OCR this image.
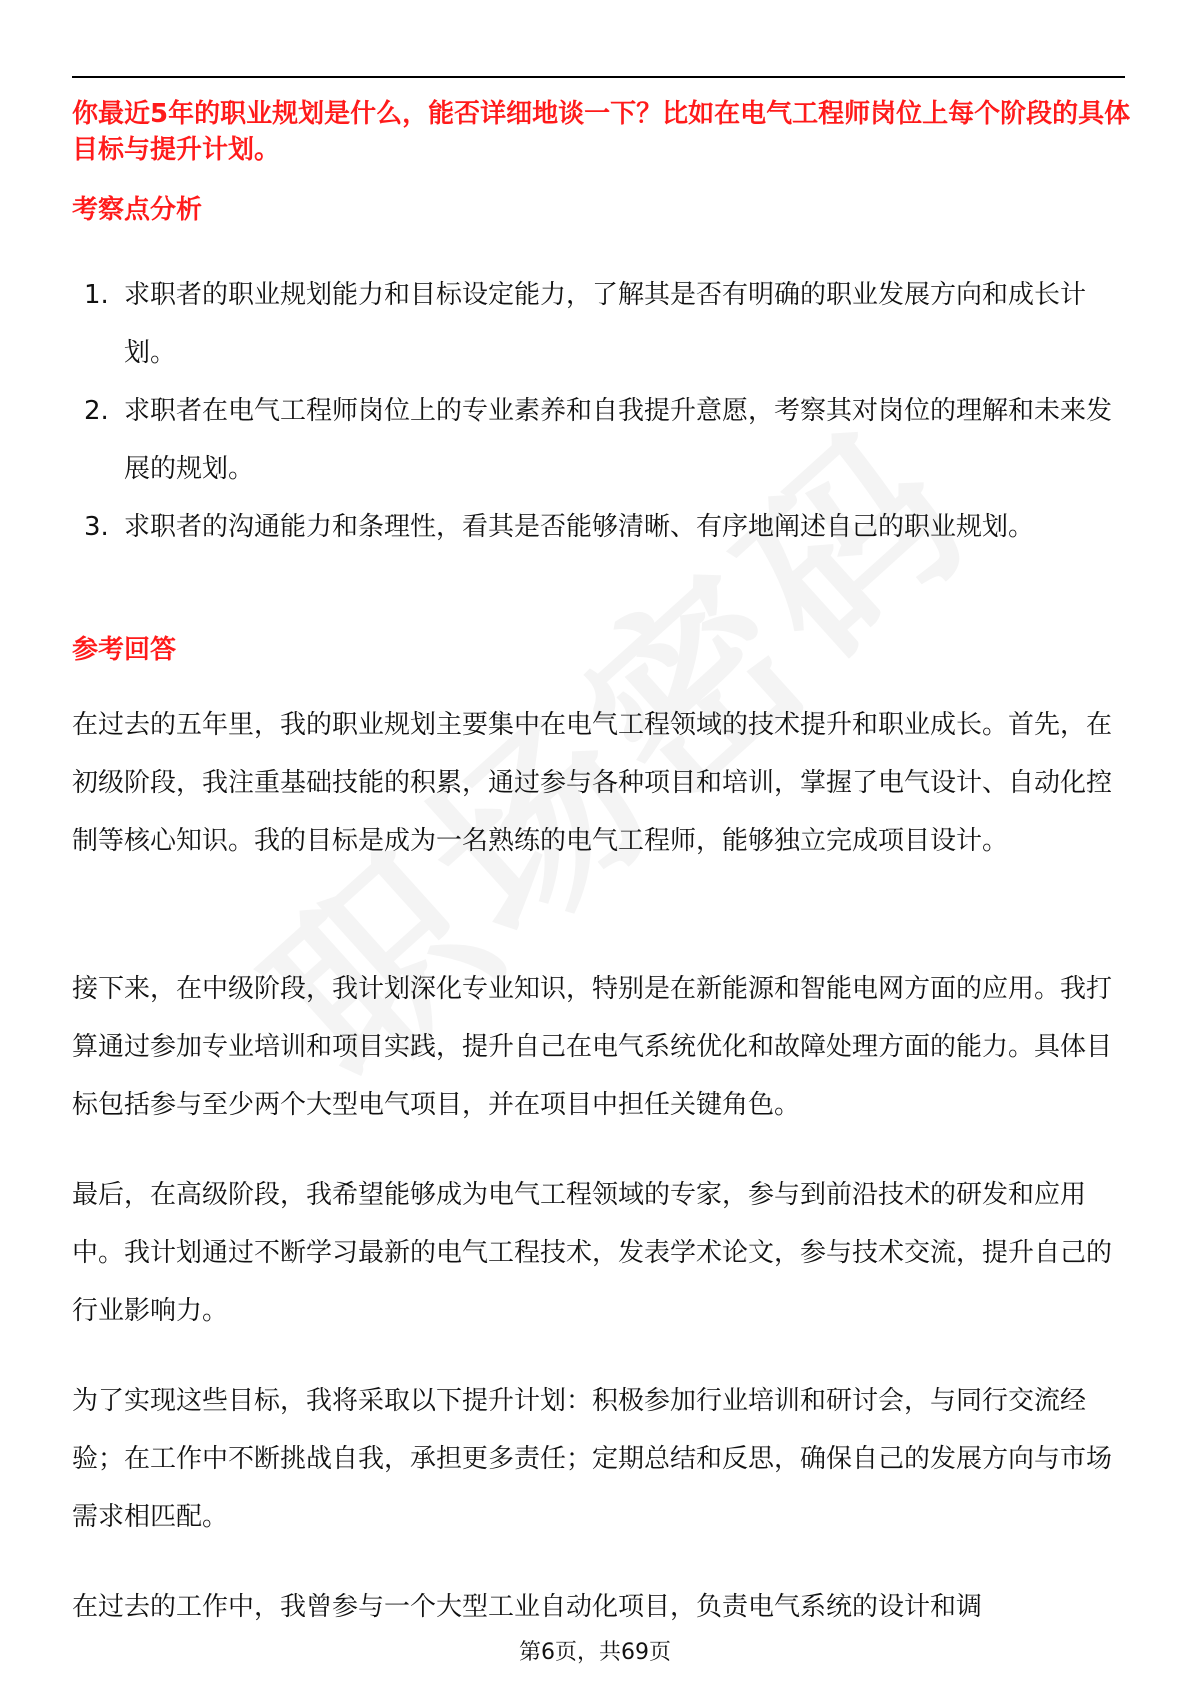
你最近5年的职业规划是什么，能否详细地谈一下？比如在电气工程师岗位上每个阶段的具体目标与提升计划。
考察点分析
1. 求职者的职业规划能力和目标设定能力，了解其是否有明确的职业发展方向和成长计划。
2. 求职者在电气工程师岗位上的专业素养和自我提升意愿，考察其对岗位的理解和未来发展的规划。
3. 求职者的沟通能力和条理性，看其是否能够清晰、有序地阐述自己的职业规划。
参考回答
在过去的五年里，我的职业规划主要集中在电气工程领域的技术提升和职业成长。首先，在初级阶段，我注重基础技能的积累，通过参与各种项目和培训，掌握了电气设计、自动化控制等核心知识。我的目标是成为一名熟练的电气工程师，能够独立完成项目设计。
接下来，在中级阶段，我计划深化专业知识，特别是在新能源和智能电网方面的应用。我打算通过参加专业培训和项目实践，提升自己在电气系统优化和故障处理方面的能力。具体目标包括参与至少两个大型电气项目，并在项目中担任关键角色。
最后，在高级阶段，我希望能够成为电气工程领域的专家，参与到前沿技术的研发和应用中。我计划通过不断学习最新的电气工程技术，发表学术论文，参与技术交流，提升自己的行业影响力。
为了实现这些目标，我将采取以下提升计划：积极参加行业培训和研讨会，与同行交流经验；在工作中不断挑战自我，承担更多责任；定期总结和反思，确保自己的发展方向与市场需求相匹配。
在过去的工作中，我曾参与一个大型工业自动化项目，负责电气系统的设计和调
第6页，共69页
